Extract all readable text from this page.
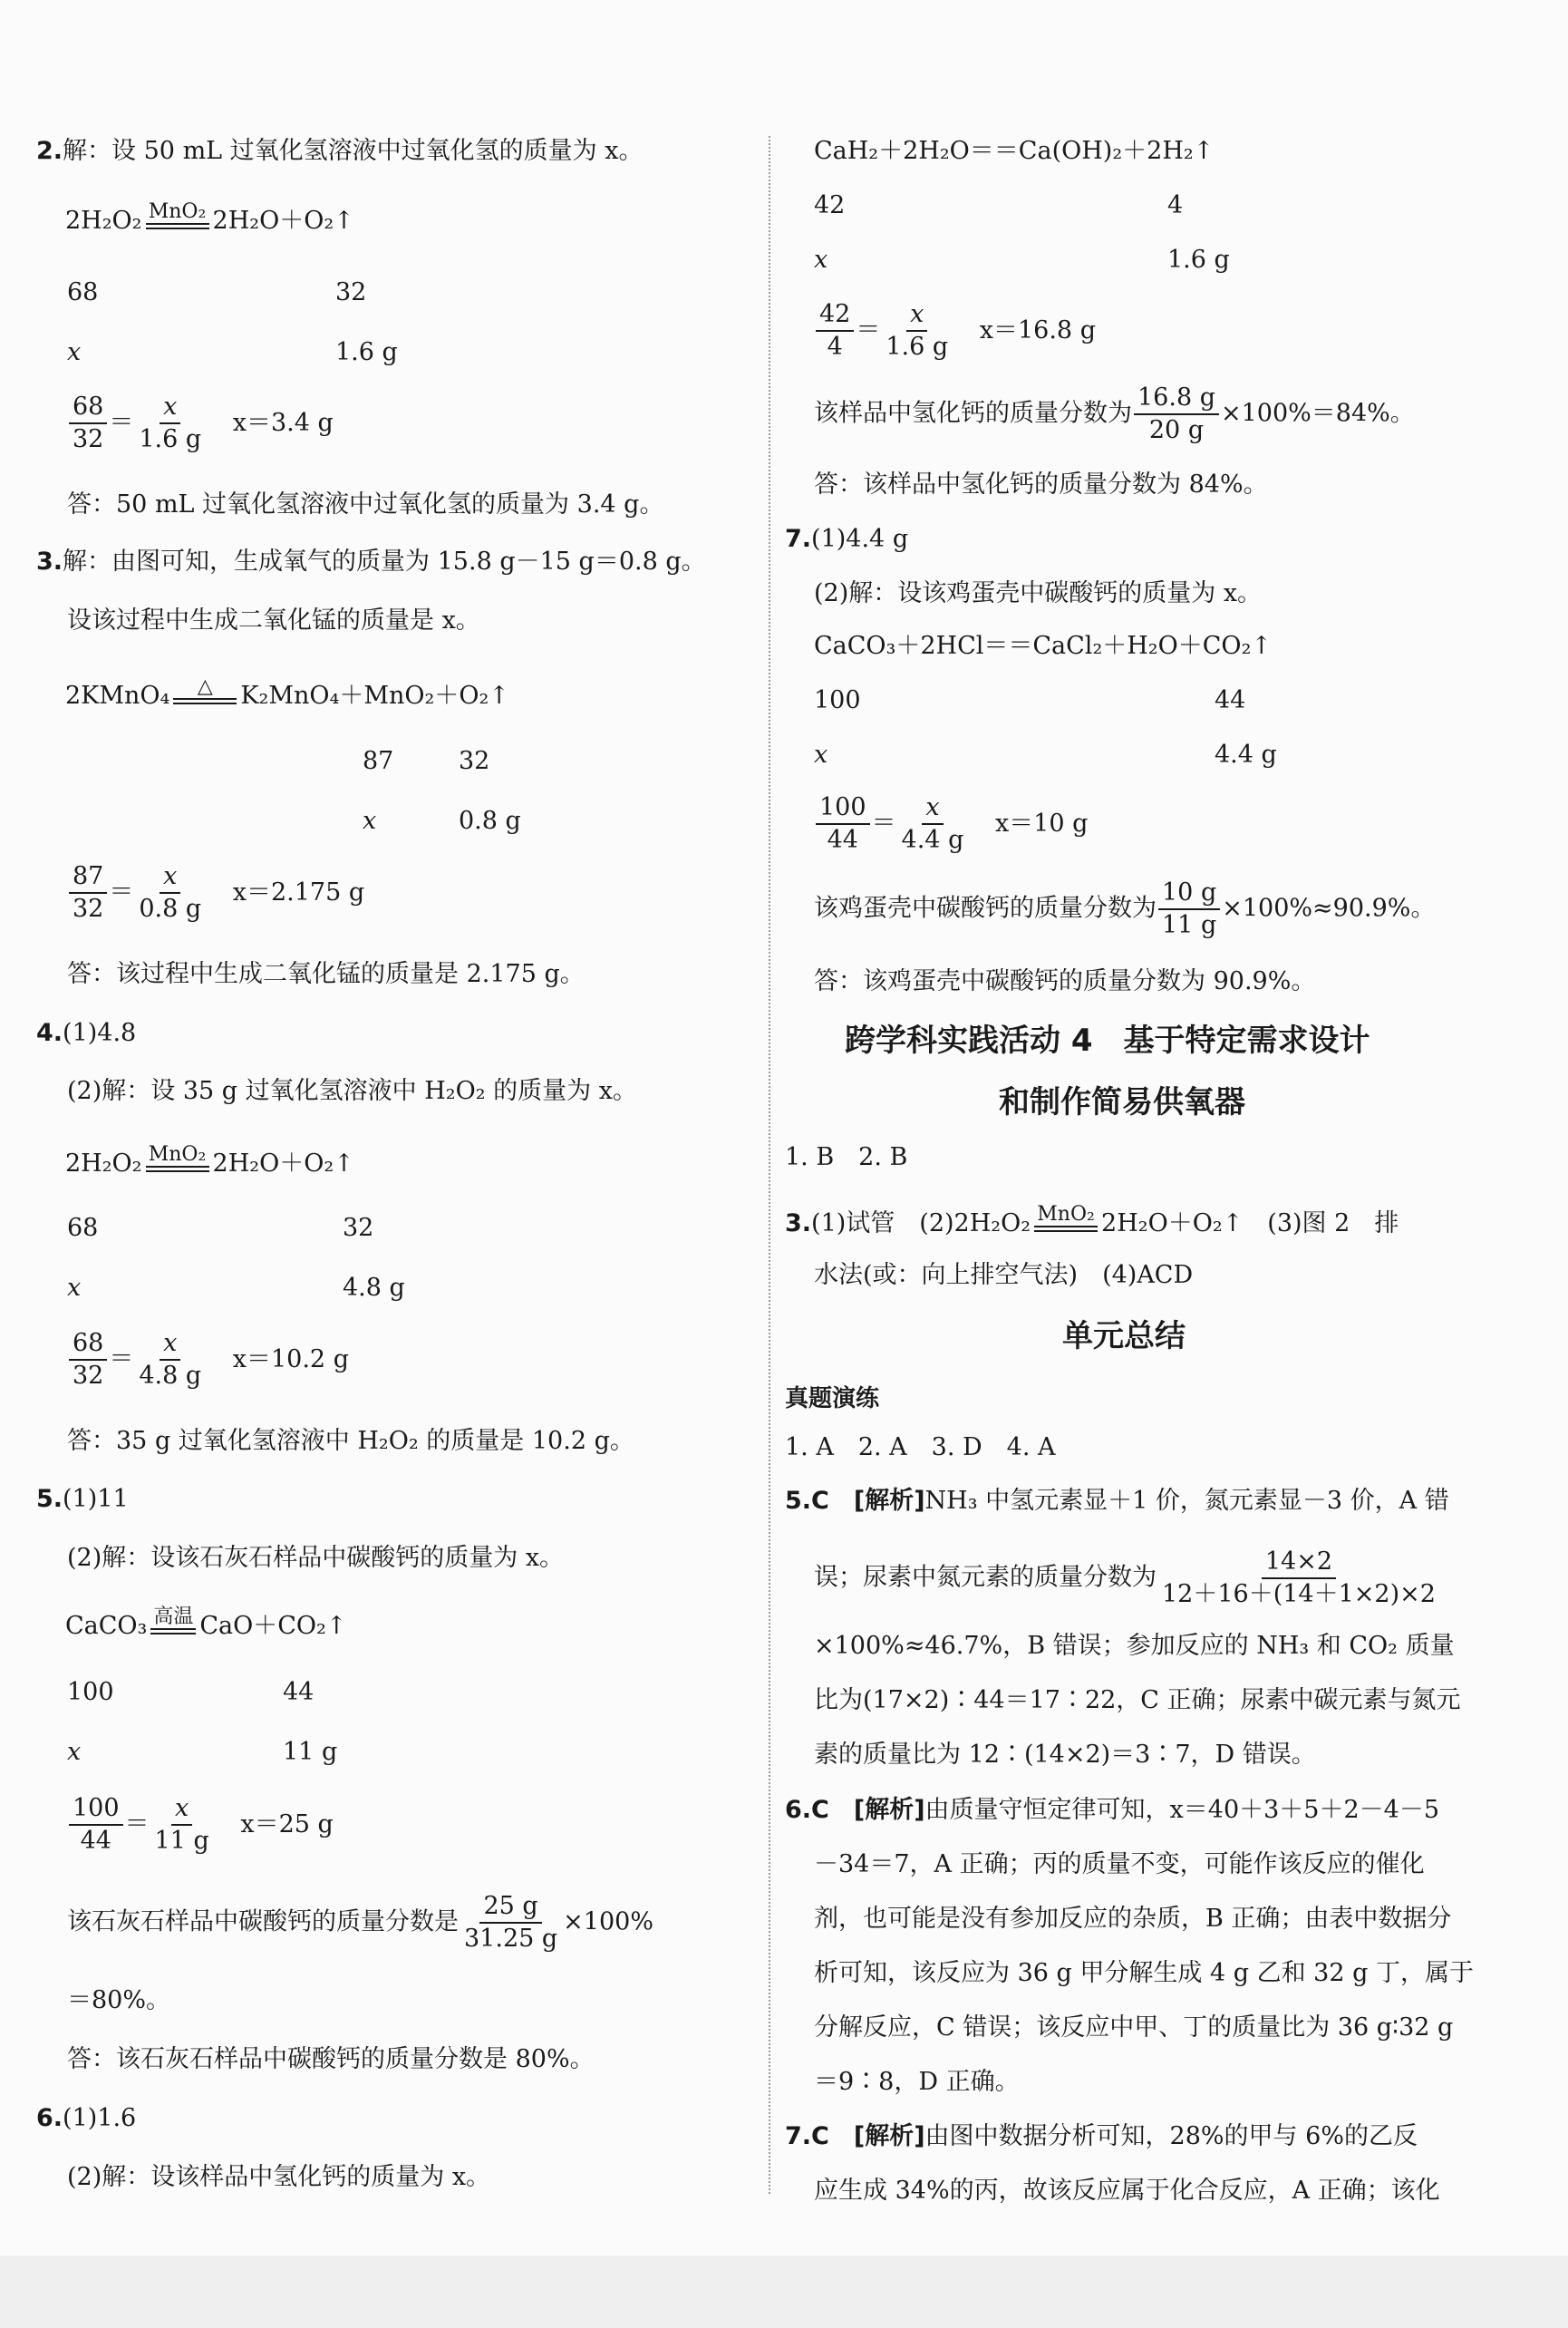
2.解：设 50 mL 过氧化氢溶液中过氧化氢的质量为 x。
2H₂O₂ MnO₂ 2H₂O＋O₂↑
68	32
x	1.6 g
$\frac{68}{32} = \frac{x}{1.6 g} x=3.4$ g
答：50 mL 过氧化氢溶液中过氧化氢的质量为 3.4 g。
3.解：由图可知，生成氧气的质量为 15.8 g－15 g＝0.8 g。
设该过程中生成二氧化锰的质量是 x。
2KMnO₄ △ K₂MnO₄＋MnO₂＋O₂↑
87	32
x	0.8 g
$\frac{87}{32} = \frac{x}{0.8 g} x=2.175$ g
答：该过程中生成二氧化锰的质量是 2.175 g。
4.(1)4.8
(2)解：设 35 g 过氧化氢溶液中 H₂O₂ 的质量为 x。
2H₂O₂ MnO₂ 2H₂O＋O₂↑
68	32
x	4.8 g
$\frac{68}{32} = \frac{x}{4.8 g} x=10.2$ g
答：35 g 过氧化氢溶液中 H₂O₂ 的质量是 10.2 g。
5.(1)11
(2)解：设该石灰石样品中碳酸钙的质量为 x。
CaCO₃ 高温 CaO＋CO₂↑
100	44
x	11 g
$\frac{100}{44} = \frac{x}{11 g} x=25$ g
该石灰石样品中碳酸钙的质量分数是 $\frac{25 g}{31.25 g} \times 100\%$
＝80%。
答：该石灰石样品中碳酸钙的质量分数是 80%。
6.(1)1.6
(2)解：设该样品中氢化钙的质量为 x。
CaH₂＋2H₂O＝＝Ca(OH)₂＋2H₂↑
42	4
x	1.6 g
$\frac{42}{4} = \frac{x}{1.6 g} x=16.8$ g
该样品中氢化钙的质量分数为 $\frac{16.8 g}{20 g} \times 100\%=84\%$。
答：该样品中氢化钙的质量分数为 84%。
7.(1)4.4 g
(2)解：设该鸡蛋壳中碳酸钙的质量为 x。
CaCO₃＋2HCl＝＝CaCl₂＋H₂O＋CO₂↑
100	44
x	4.4 g
$\frac{100}{44} = \frac{x}{4.4 g} x=10$ g
该鸡蛋壳中碳酸钙的质量分数为 $\frac{10 g}{11 g} \times 100\%\approx 90.9\%$。
答：该鸡蛋壳中碳酸钙的质量分数为 90.9%。
跨学科实践活动 4　基于特定需求设计
和制作简易供氧器
1. B　2. B
3.(1)试管　(2)2H₂O₂ MnO₂ 2H₂O＋O₂↑　(3)图 2　排
水法(或：向上排空气法)　(4)ACD
单元总结
真题演练
1. A　2. A　3. D　4. A
5.C　[解析]NH₃ 中氢元素显＋1 价，氮元素显－3 价，A 错
误；尿素中氮元素的质量分数为 $\frac{14\times 2}{12+16+(14+1\times 2)\times 2}$
×100%≈46.7%，B 错误；参加反应的 NH₃ 和 CO₂ 质量
比为(17×2)∶44＝17∶22，C 正确；尿素中碳元素与氮元
素的质量比为 12∶(14×2)＝3∶7，D 错误。
6.C　[解析]由质量守恒定律可知，x＝40＋3＋5＋2－4－5
－34＝7，A 正确；丙的质量不变，可能作该反应的催化
剂，也可能是没有参加反应的杂质，B 正确；由表中数据分
析可知，该反应为 36 g 甲分解生成 4 g 乙和 32 g 丁，属于
分解反应，C 错误；该反应中甲、丁的质量比为 36 g∶32 g
＝9∶8，D 正确。
7.C　[解析]由图中数据分析可知，28%的甲与 6%的乙反
应生成 34%的丙，故该反应属于化合反应，A 正确；该化
